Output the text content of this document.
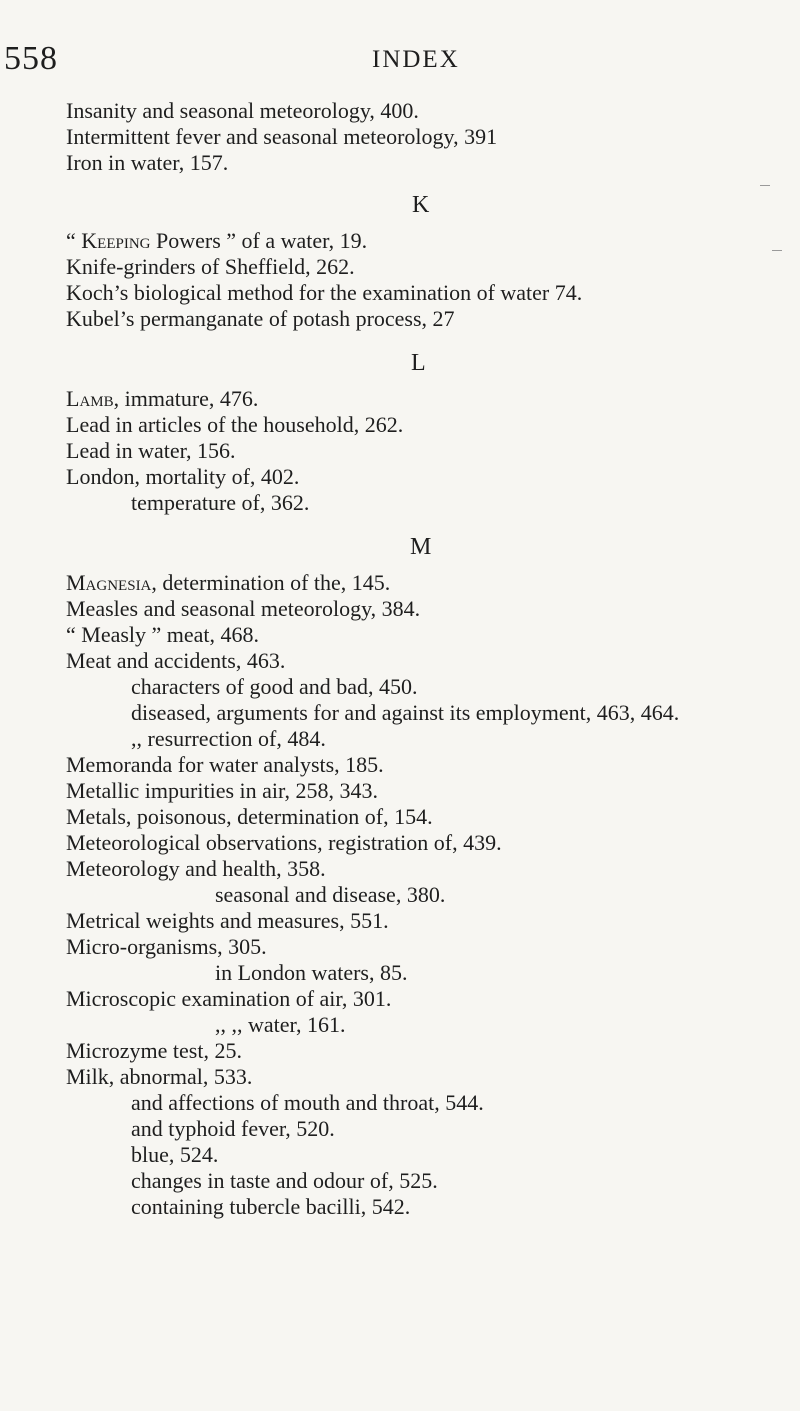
558	INDEX
Insanity and seasonal meteorology, 400.
Intermittent fever and seasonal meteorology, 391
Iron in water, 157.
K
“ Keeping Powers ” of a water, 19.
Knife-grinders of Sheffield, 262.
Koch’s biological method for the examination of water 74.
Kubel’s permanganate of potash process, 27
L
Lamb, immature, 476.
Lead in articles of the household, 262.
Lead in water, 156.
London, mortality of, 402.
temperature of, 362.
M
Magnesia, determination of the, 145.
Measles and seasonal meteorology, 384.
“ Measly ” meat, 468.
Meat and accidents, 463.
characters of good and bad, 450.
diseased, arguments for and against its employment, 463, 464.
,, resurrection of, 484.
Memoranda for water analysts, 185.
Metallic impurities in air, 258, 343.
Metals, poisonous, determination of, 154.
Meteorological observations, registration of, 439.
Meteorology and health, 358.
seasonal and disease, 380.
Metrical weights and measures, 551.
Micro-organisms, 305.
in London waters, 85.
Microscopic examination of air, 301.
,, ,, water, 161.
Microzyme test, 25.
Milk, abnormal, 533.
and affections of mouth and throat, 544.
and typhoid fever, 520.
blue, 524.
changes in taste and odour of, 525.
containing tubercle bacilli, 542.
